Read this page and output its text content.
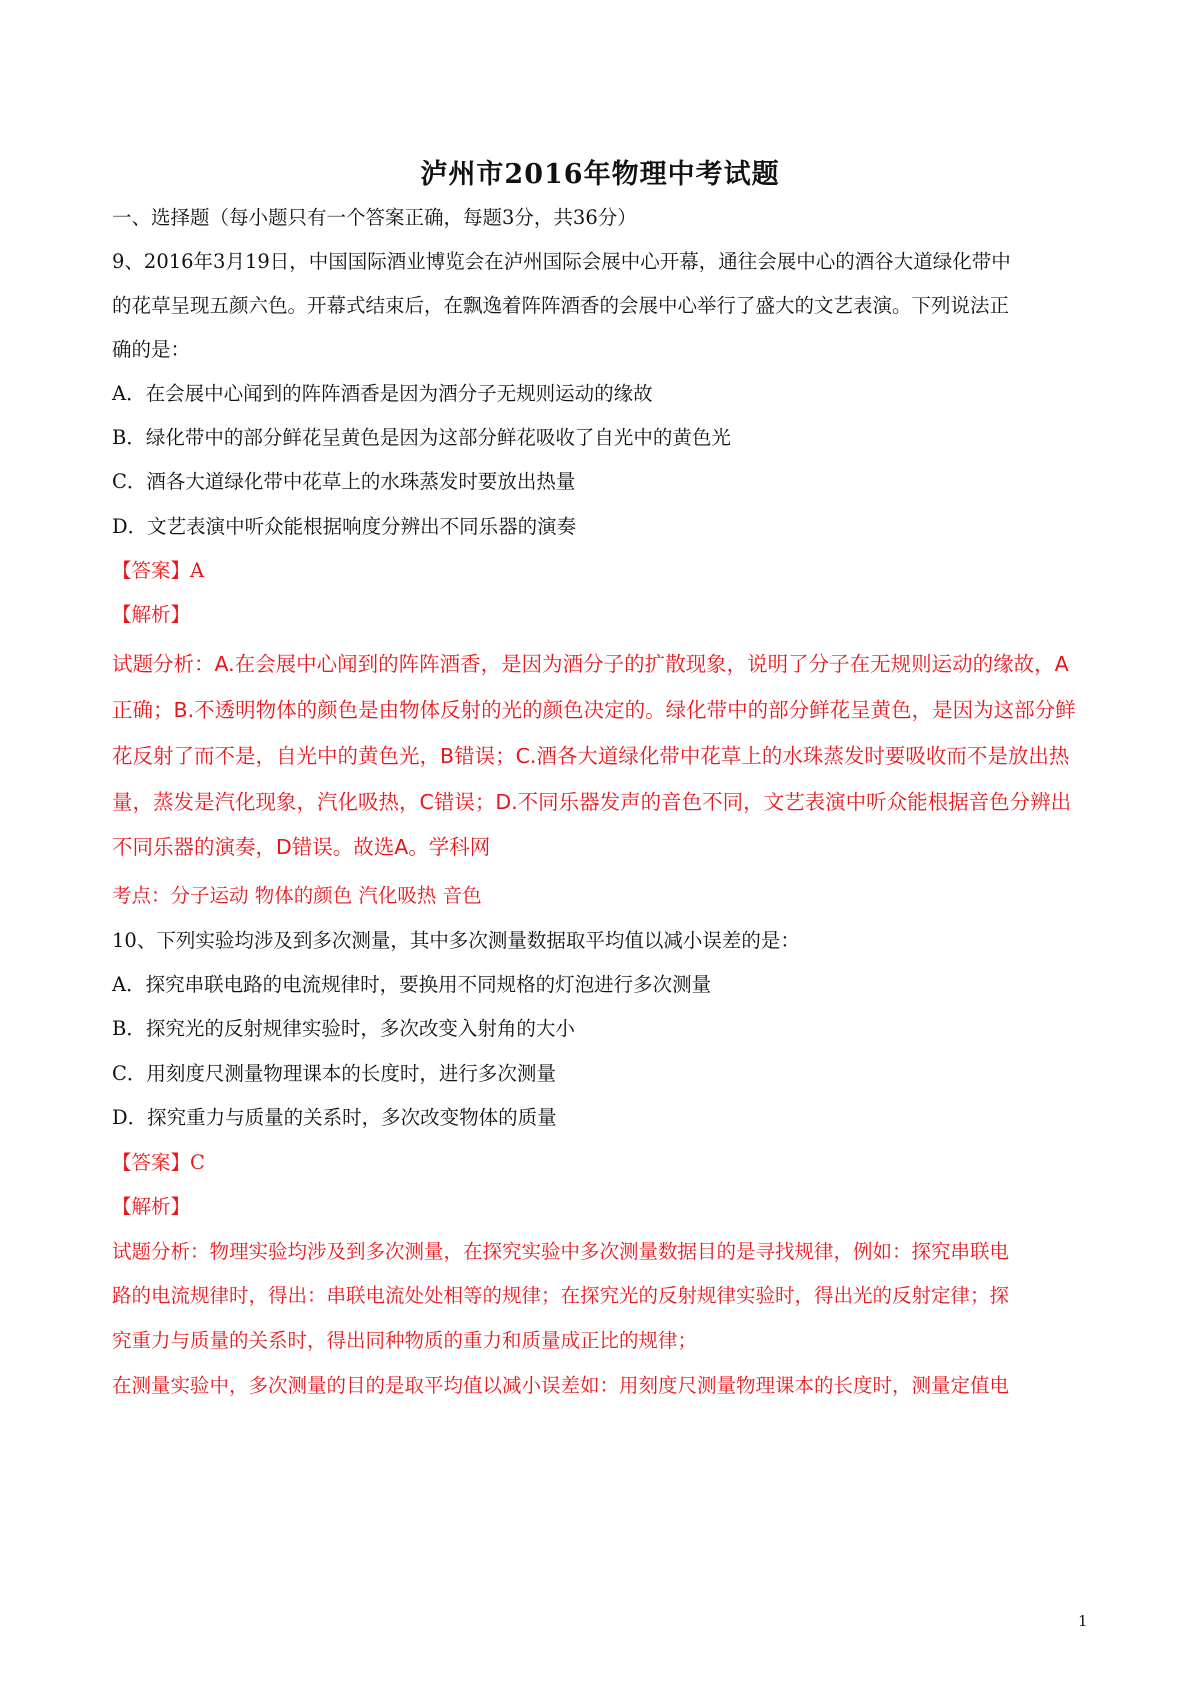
泸州市2016年物理中考试题
一、选择题（每小题只有一个答案正确，每题3分，共36分）
9、2016年3月19日，中国国际酒业博览会在泸州国际会展中心开幕，通往会展中心的酒谷大道绿化带中
的花草呈现五颜六色。开幕式结束后，在飘逸着阵阵酒香的会展中心举行了盛大的文艺表演。下列说法正
确的是：
A．在会展中心闻到的阵阵酒香是因为酒分子无规则运动的缘故
B．绿化带中的部分鲜花呈黄色是因为这部分鲜花吸收了自光中的黄色光
C．酒各大道绿化带中花草上的水珠蒸发时要放出热量
D．文艺表演中听众能根据响度分辨出不同乐器的演奏
【答案】A
【解析】
试题分析：A.在会展中心闻到的阵阵酒香，是因为酒分子的扩散现象，说明了分子在无规则运动的缘故，A
正确；B.不透明物体的颜色是由物体反射的光的颜色决定的。绿化带中的部分鲜花呈黄色，是因为这部分鲜
花反射了而不是，自光中的黄色光，B错误；C.酒各大道绿化带中花草上的水珠蒸发时要吸收而不是放出热
量，蒸发是汽化现象，汽化吸热，C错误；D.不同乐器发声的音色不同，文艺表演中听众能根据音色分辨出
不同乐器的演奏，D错误。故选A。学科网
考点：分子运动 物体的颜色 汽化吸热 音色
10、下列实验均涉及到多次测量，其中多次测量数据取平均值以减小误差的是：
A．探究串联电路的电流规律时，要换用不同规格的灯泡进行多次测量
B．探究光的反射规律实验时，多次改变入射角的大小
C．用刻度尺测量物理课本的长度时，进行多次测量
D．探究重力与质量的关系时，多次改变物体的质量
【答案】C
【解析】
试题分析：物理实验均涉及到多次测量，在探究实验中多次测量数据目的是寻找规律，例如：探究串联电
路的电流规律时，得出：串联电流处处相等的规律；在探究光的反射规律实验时，得出光的反射定律；探
究重力与质量的关系时，得出同种物质的重力和质量成正比的规律；
在测量实验中，多次测量的目的是取平均值以减小误差如：用刻度尺测量物理课本的长度时，测量定值电
1
